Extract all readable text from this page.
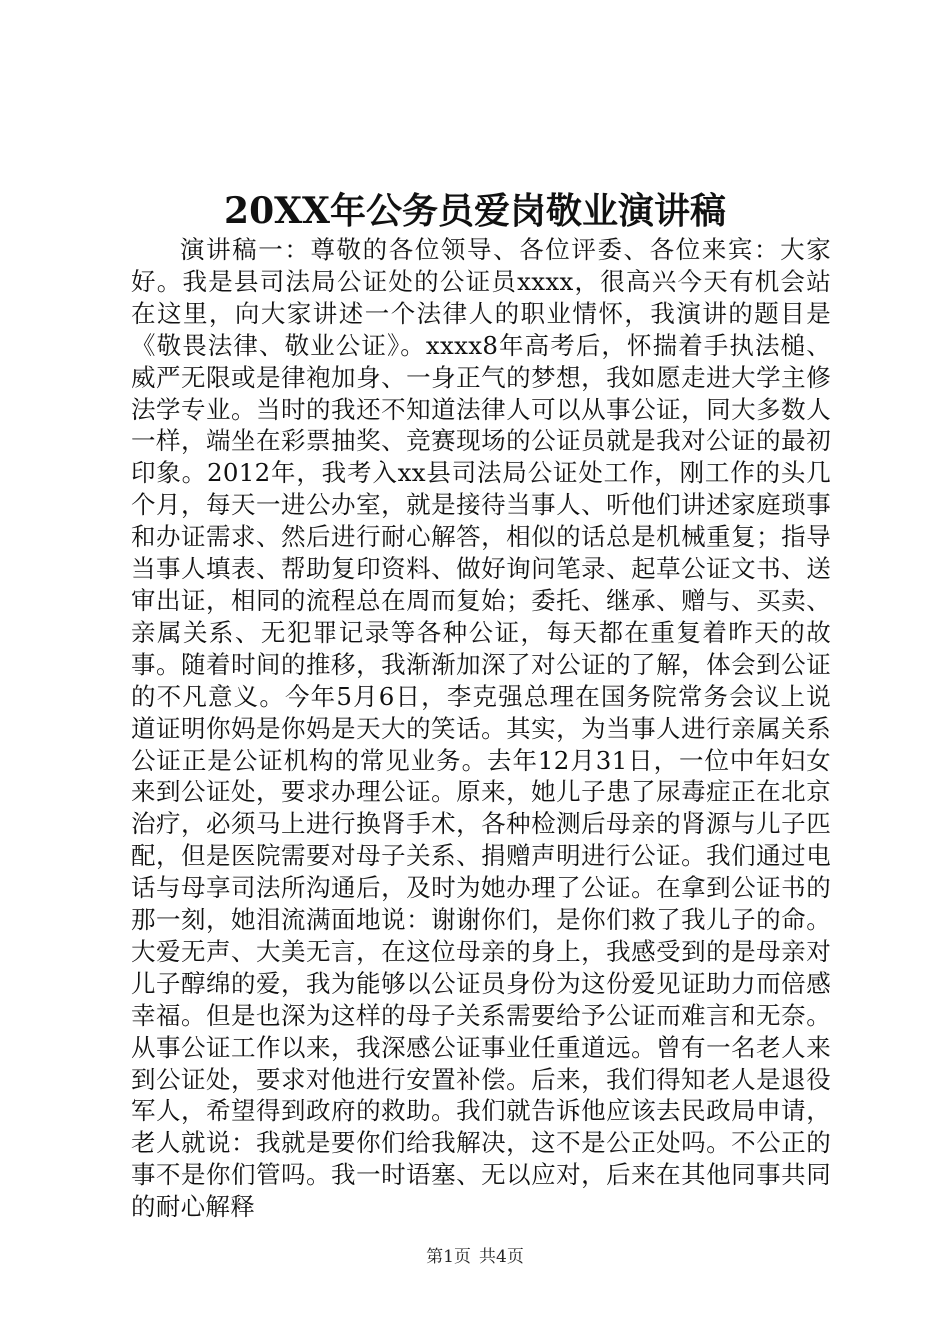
20XX年公务员爱岗敬业演讲稿

演讲稿一：尊敬的各位领导、各位评委、各位来宾：大家好。我是县司法局公证处的公证员xxxx，很高兴今天有机会站在这里，向大家讲述一个法律人的职业情怀，我演讲的题目是《敬畏法律、敬业公证》。xxxx8年高考后，怀揣着手执法槌、威严无限或是律袍加身、一身正气的梦想，我如愿走进大学主修法学专业。当时的我还不知道法律人可以从事公证，同大多数人一样，端坐在彩票抽奖、竞赛现场的公证员就是我对公证的最初印象。2012年，我考入xx县司法局公证处工作，刚工作的头几个月，每天一进公办室，就是接待当事人、听他们讲述家庭琐事和办证需求、然后进行耐心解答，相似的话总是机械重复；指导当事人填表、帮助复印资料、做好询问笔录、起草公证文书、送审出证，相同的流程总在周而复始；委托、继承、赠与、买卖、亲属关系、无犯罪记录等各种公证，每天都在重复着昨天的故事。随着时间的推移，我渐渐加深了对公证的了解，体会到公证的不凡意义。今年5月6日，李克强总理在国务院常务会议上说道证明你妈是你妈是天大的笑话。其实，为当事人进行亲属关系公证正是公证机构的常见业务。去年12月31日，一位中年妇女来到公证处，要求办理公证。原来，她儿子患了尿毒症正在北京治疗，必须马上进行换肾手术，各种检测后母亲的肾源与儿子匹配，但是医院需要对母子关系、捐赠声明进行公证。我们通过电话与母享司法所沟通后，及时为她办理了公证。在拿到公证书的那一刻，她泪流满面地说：谢谢你们，是你们救了我儿子的命。大爱无声、大美无言，在这位母亲的身上，我感受到的是母亲对儿子醇绵的爱，我为能够以公证员身份为这份爱见证助力而倍感幸福。但是也深为这样的母子关系需要给予公证而难言和无奈。从事公证工作以来，我深感公证事业任重道远。曾有一名老人来到公证处，要求对他进行安置补偿。后来，我们得知老人是退役军人，希望得到政府的救助。我们就告诉他应该去民政局申请，老人就说：我就是要你们给我解决，这不是公正处吗。不公正的事不是你们管吗。我一时语塞、无以应对，后来在其他同事共同的耐心解释

第1页 共4页
